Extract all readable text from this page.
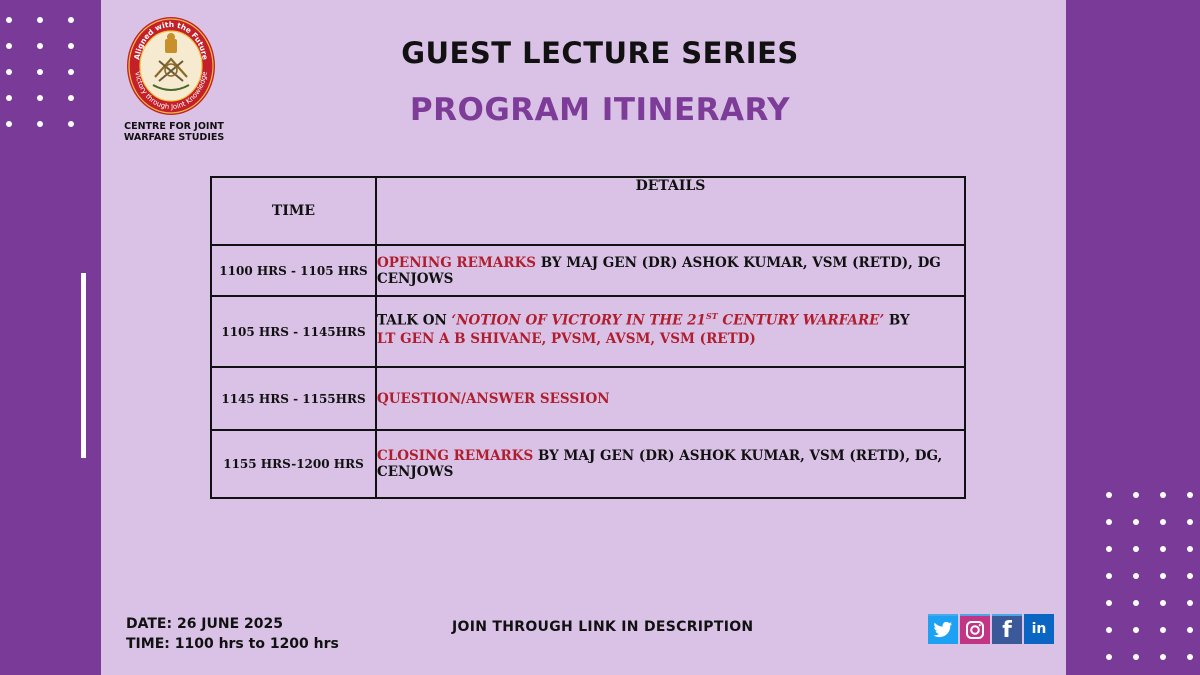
Aligned with the Future
Victory through Joint Knowledge
CENTRE FOR JOINT WARFARE STUDIES
GUEST LECTURE SERIES
PROGRAM ITINERARY
TIME	DETAILS
1100 HRS - 1105 HRS	OPENING REMARKS BY MAJ GEN (DR) ASHOK KUMAR, VSM (RETD), DG CENJOWS
1105 HRS - 1145HRS	TALK ON ‘NOTION OF VICTORY IN THE 21ST CENTURY WARFARE’ BY
LT GEN A B SHIVANE, PVSM, AVSM, VSM (RETD)
1145 HRS - 1155HRS	QUESTION/ANSWER SESSION
1155 HRS-1200 HRS	CLOSING REMARKS BY MAJ GEN (DR) ASHOK KUMAR, VSM (RETD), DG, CENJOWS
DATE: 26 JUNE 2025
TIME: 1100 hrs to 1200 hrs
JOIN THROUGH LINK IN DESCRIPTION	f in
